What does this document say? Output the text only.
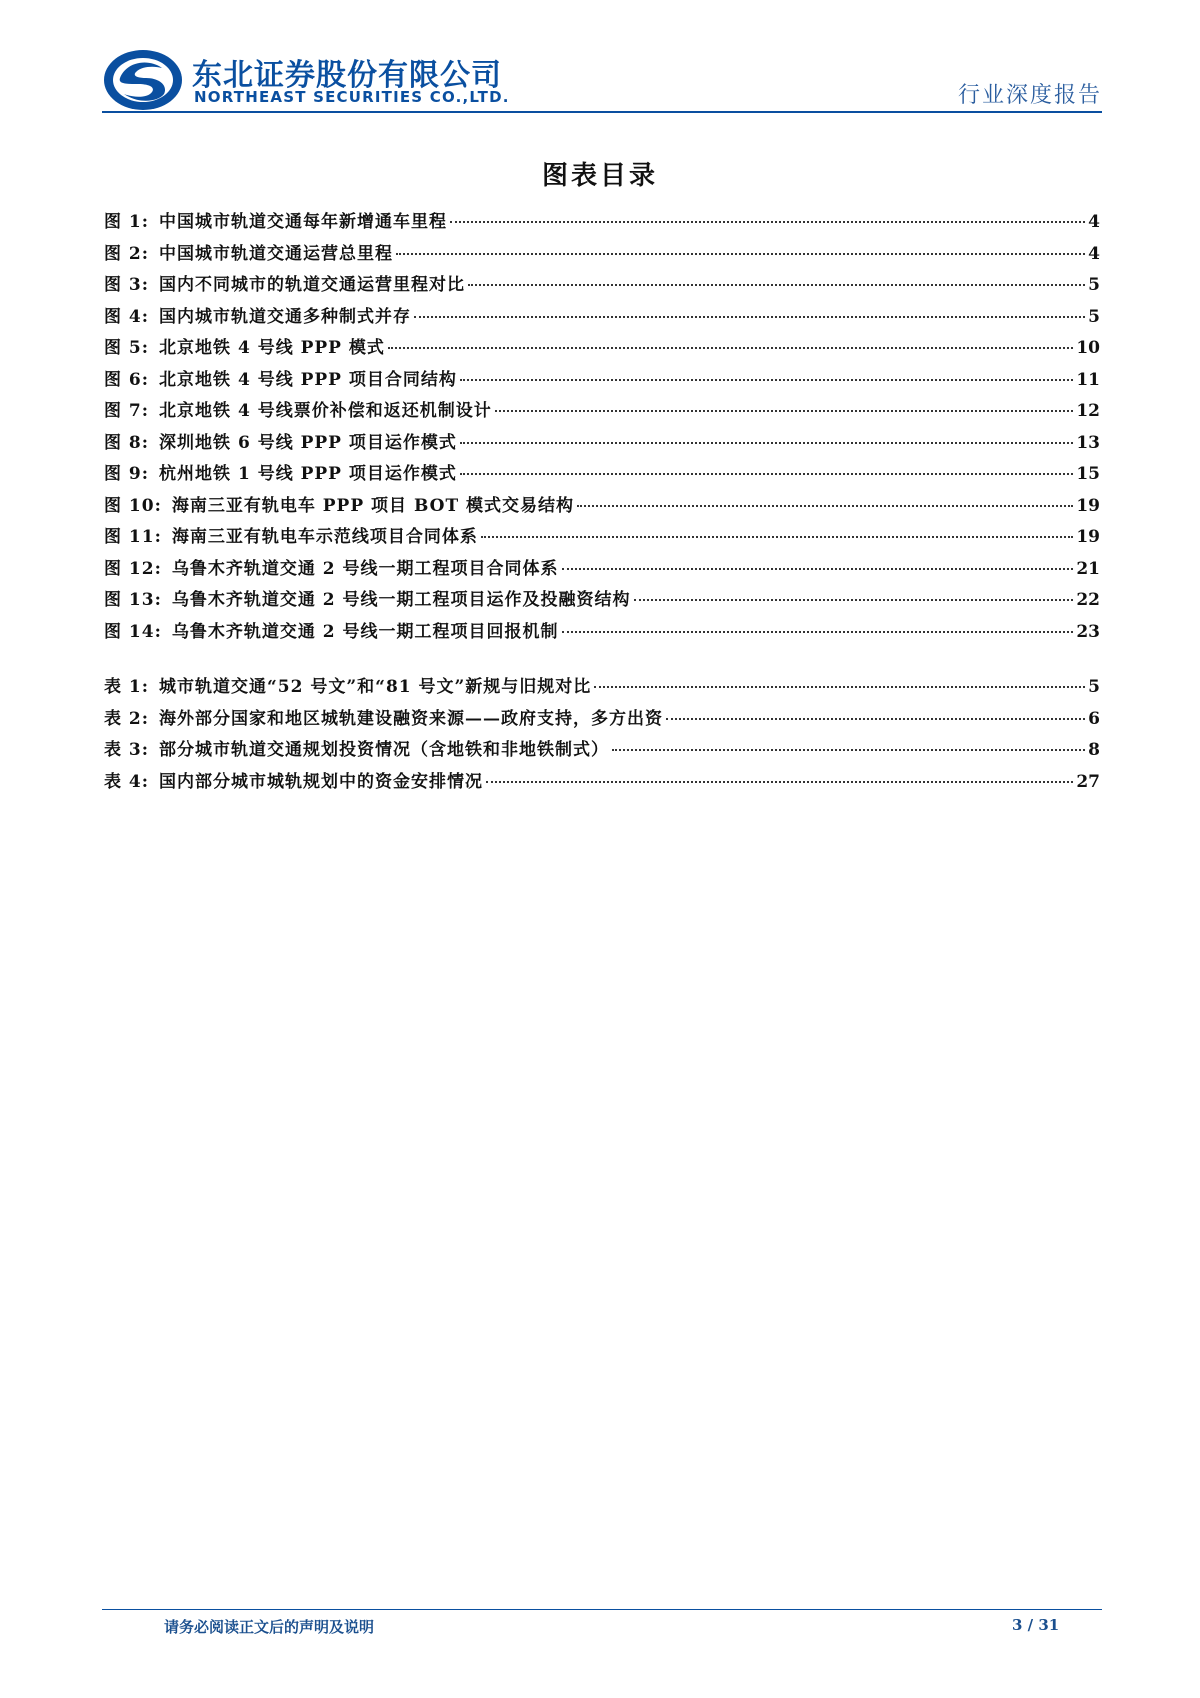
东北证券股份有限公司
NORTHEAST SECURITIES CO.,LTD.	行业深度报告
图表目录
图 1: 中国城市轨道交通每年新增通车里程	4
图 2: 中国城市轨道交通运营总里程	4
图 3: 国内不同城市的轨道交通运营里程对比	5
图 4: 国内城市轨道交通多种制式并存	5
图 5: 北京地铁 4 号线 PPP 模式	10
图 6: 北京地铁 4 号线 PPP 项目合同结构	11
图 7: 北京地铁 4 号线票价补偿和返还机制设计	12
图 8: 深圳地铁 6 号线 PPP 项目运作模式	13
图 9: 杭州地铁 1 号线 PPP 项目运作模式	15
图 10: 海南三亚有轨电车 PPP 项目 BOT 模式交易结构	19
图 11: 海南三亚有轨电车示范线项目合同体系	19
图 12: 乌鲁木齐轨道交通 2 号线一期工程项目合同体系	21
图 13: 乌鲁木齐轨道交通 2 号线一期工程项目运作及投融资结构	22
图 14: 乌鲁木齐轨道交通 2 号线一期工程项目回报机制	23
表 1: 城市轨道交通“52 号文”和“81 号文”新规与旧规对比	5
表 2: 海外部分国家和地区城轨建设融资来源——政府支持，多方出资	6
表 3: 部分城市轨道交通规划投资情况（含地铁和非地铁制式）	8
表 4: 国内部分城市城轨规划中的资金安排情况	27
请务必阅读正文后的声明及说明	3 / 31
